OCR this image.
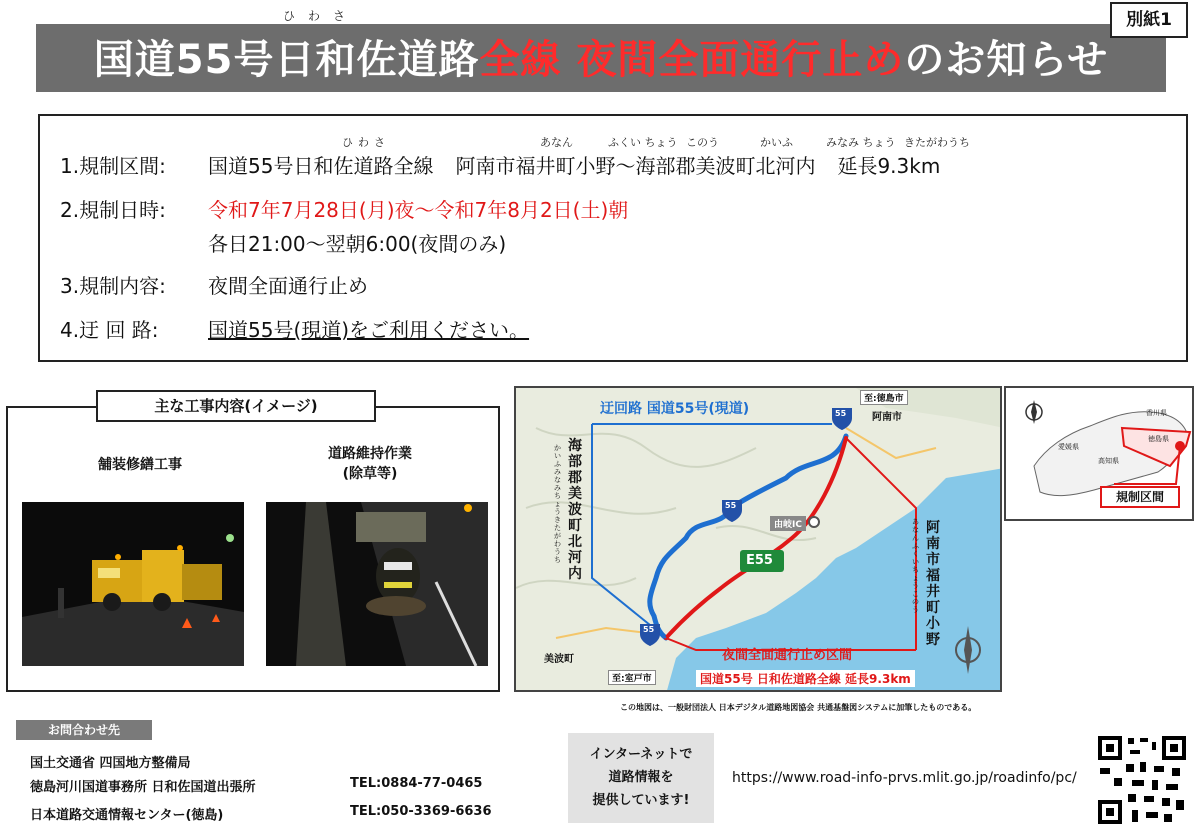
ひわさ
国道55号日和佐道路全線 夜間全面通行止めのお知らせ
別紙1
ひわさ	あなん	ふくい ちょう このう	かいふ	みなみ ちょう きたがわうち
1.規制区間: 国道55号日和佐道路全線 阿南市福井町小野〜海部郡美波町北河内 延長9.3km
2.規制日時: 令和7年7月28日(月)夜〜令和7年8月2日(土)朝
各日21:00〜翌朝6:00(夜間のみ)
3.規制内容: 夜間全面通行止め
4.迂 回 路: 国道55号(現道)をご利用ください。
主な工事内容(イメージ)
舗装修繕工事
道路維持作業
(除草等)
迂回路 国道55号(現道)
至:徳島市
阿南市
由岐IC
E55
55
55
55
美波町
至:室戸市
海部郡美波町北河内
かいふ みなみちょう きたがわうち
阿南市福井町小野
あなん ふくいちょう このう
夜間全面通行止め区間
国道55号 日和佐道路全線 延長9.3km
香川県
徳島県
愛媛県
高知県
規制区間
この地図は、一般財団法人 日本デジタル道路地図協会 共通基盤図システムに加筆したものである。
お問合わせ先
国土交通省 四国地方整備局
徳島河川国道事務所 日和佐国道出張所	TEL:0884-77-0465
日本道路交通情報センター(徳島)	TEL:050-3369-6636
インターネットで
道路情報を
提供しています!
https://www.road-info-prvs.mlit.go.jp/roadinfo/pc/
